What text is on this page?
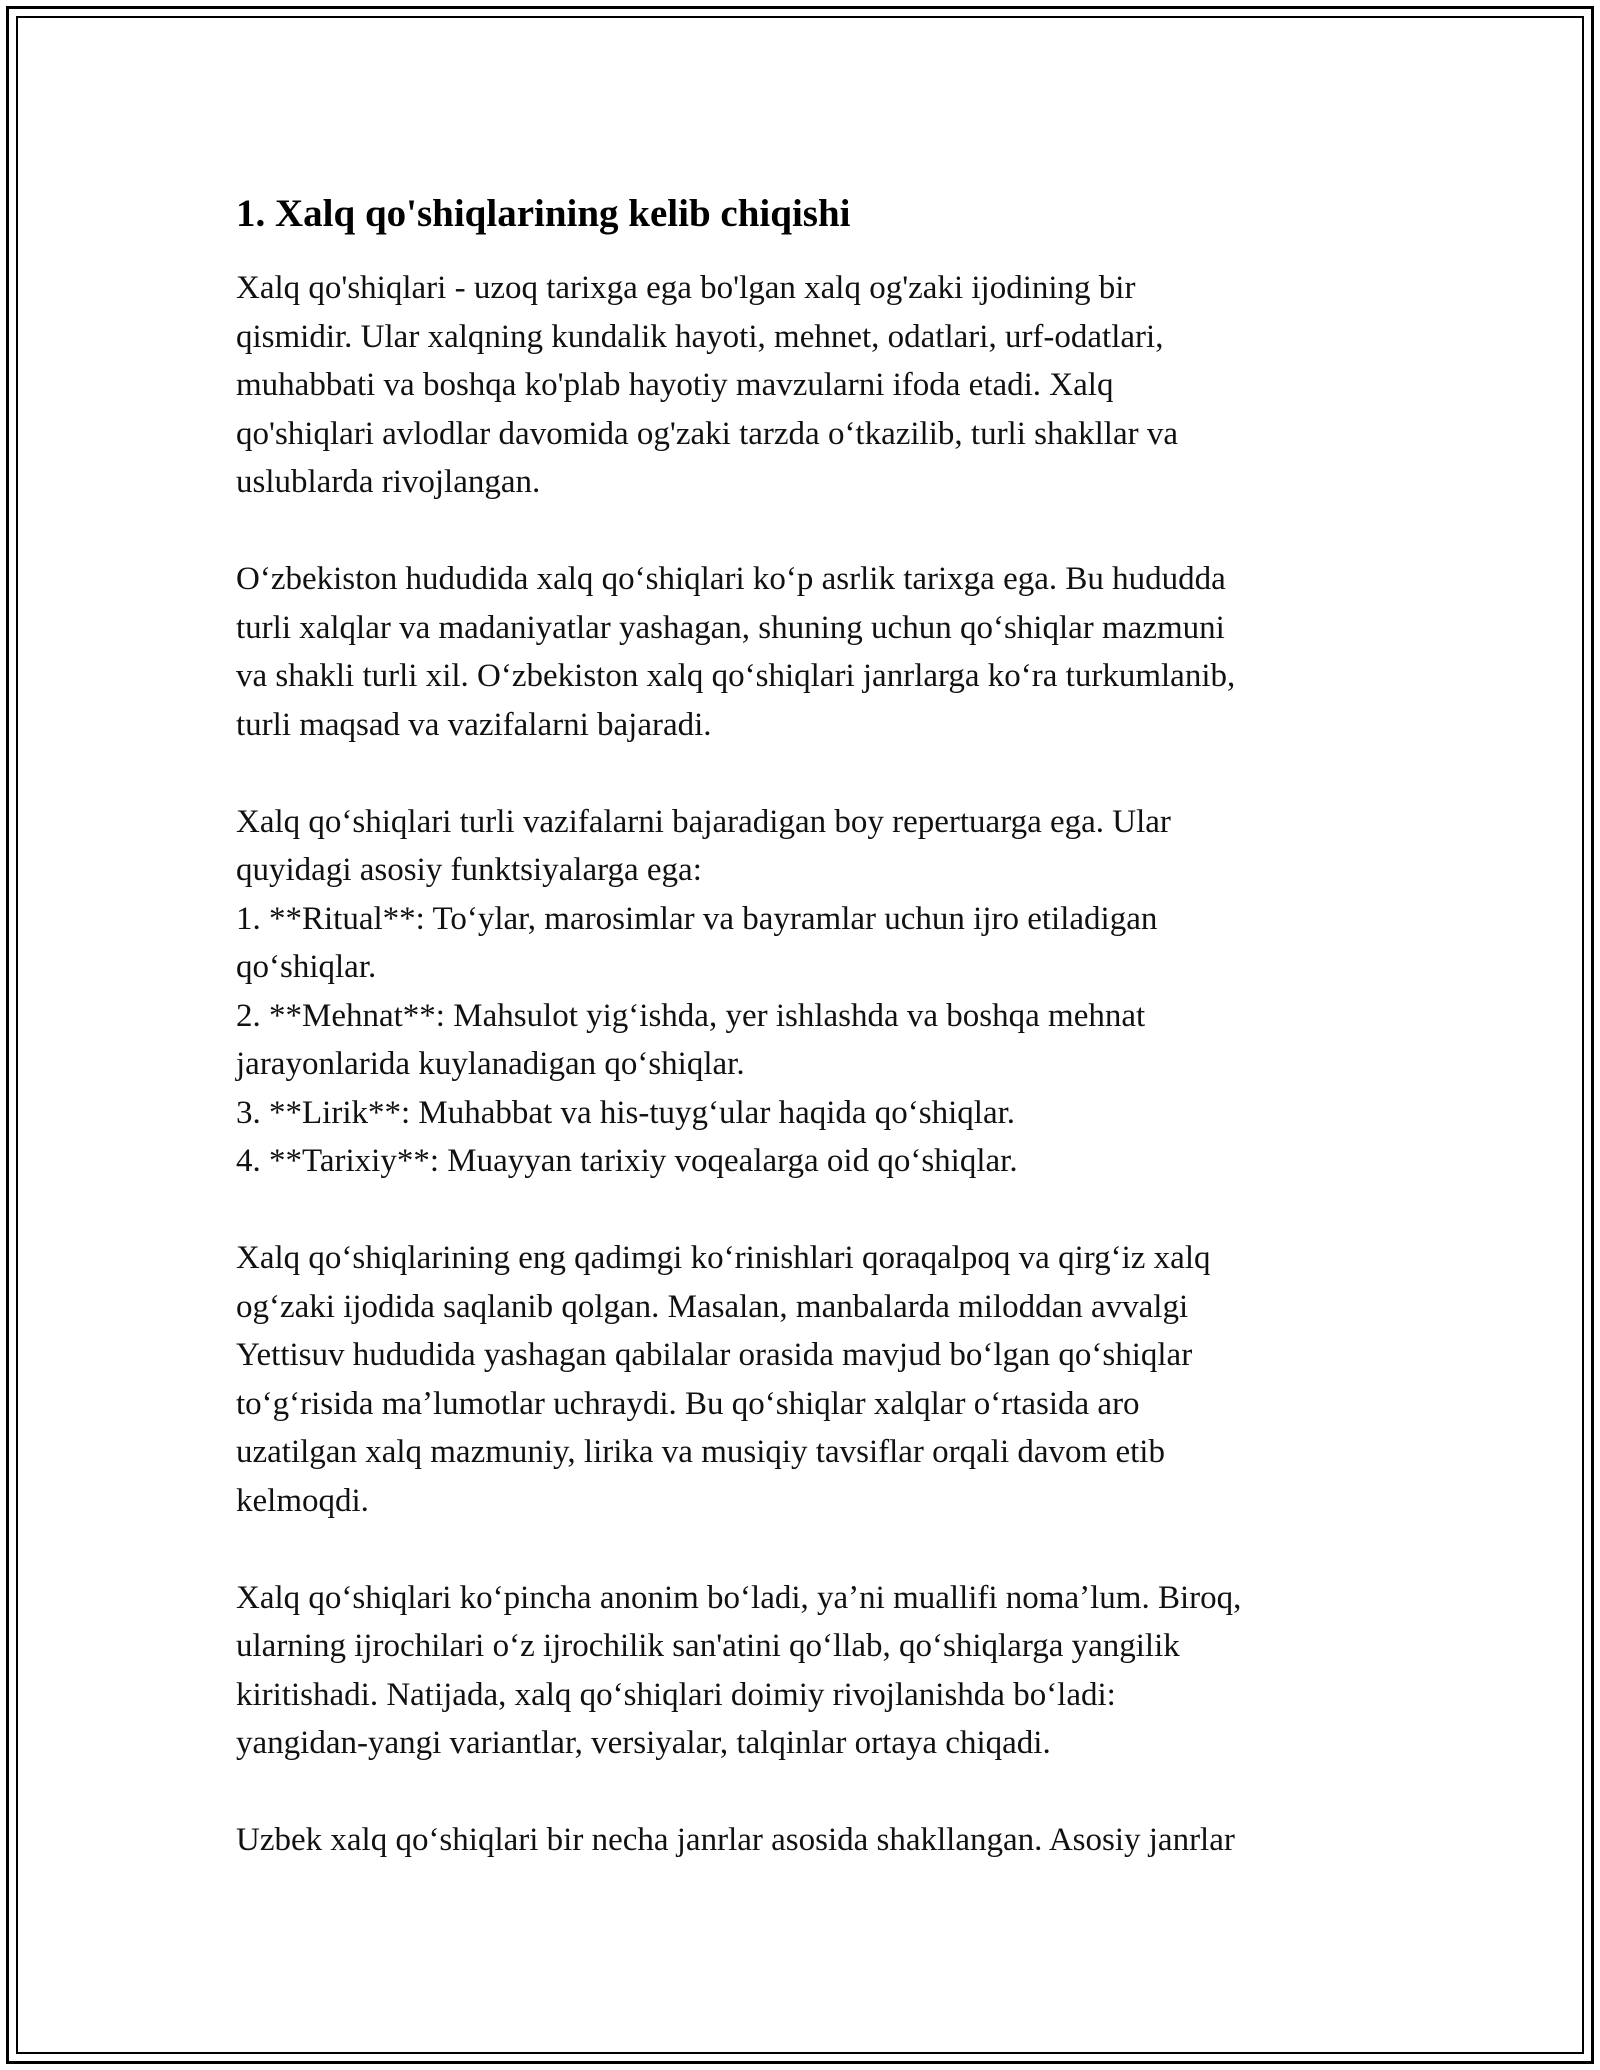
1. Xalq qo'shiqlarining kelib chiqishi
Xalq qo'shiqlari - uzoq tarixga ega bo'lgan xalq og'zaki ijodining bir
qismidir. Ular xalqning kundalik hayoti, mehnet, odatlari, urf-odatlari,
muhabbati va boshqa ko'plab hayotiy mavzularni ifoda etadi. Xalq
qo'shiqlari avlodlar davomida og'zaki tarzda oʻtkazilib, turli shakllar va
uslublarda rivojlangan.
Oʻzbekiston hududida xalq qoʻshiqlari koʻp asrlik tarixga ega. Bu hududda
turli xalqlar va madaniyatlar yashagan, shuning uchun qoʻshiqlar mazmuni
va shakli turli xil. Oʻzbekiston xalq qoʻshiqlari janrlarga koʻra turkumlanib,
turli maqsad va vazifalarni bajaradi.
Xalq qoʻshiqlari turli vazifalarni bajaradigan boy repertuarga ega. Ular
quyidagi asosiy funktsiyalarga ega:
1. **Ritual**: Toʻylar, marosimlar va bayramlar uchun ijro etiladigan
qoʻshiqlar.
2. **Mehnat**: Mahsulot yigʻishda, yer ishlashda va boshqa mehnat
jarayonlarida kuylanadigan qoʻshiqlar.
3. **Lirik**: Muhabbat va his-tuygʻular haqida qoʻshiqlar.
4. **Tarixiy**: Muayyan tarixiy voqealarga oid qoʻshiqlar.
Xalq qoʻshiqlarining eng qadimgi koʻrinishlari qoraqalpoq va qirgʻiz xalq
ogʻzaki ijodida saqlanib qolgan. Masalan, manbalarda miloddan avvalgi
Yettisuv hududida yashagan qabilalar orasida mavjud boʻlgan qoʻshiqlar
toʻgʻrisida maʼlumotlar uchraydi. Bu qoʻshiqlar xalqlar oʻrtasida aro
uzatilgan xalq mazmuniy, lirika va musiqiy tavsiflar orqali davom etib
kelmoqdi.
Xalq qoʻshiqlari koʻpincha anonim boʻladi, yaʼni muallifi nomaʼlum. Biroq,
ularning ijrochilari oʻz ijrochilik san'atini qoʻllab, qoʻshiqlarga yangilik
kiritishadi. Natijada, xalq qoʻshiqlari doimiy rivojlanishda boʻladi:
yangidan-yangi variantlar, versiyalar, talqinlar ortaya chiqadi.
Uzbek xalq qoʻshiqlari bir necha janrlar asosida shakllangan. Asosiy janrlar
